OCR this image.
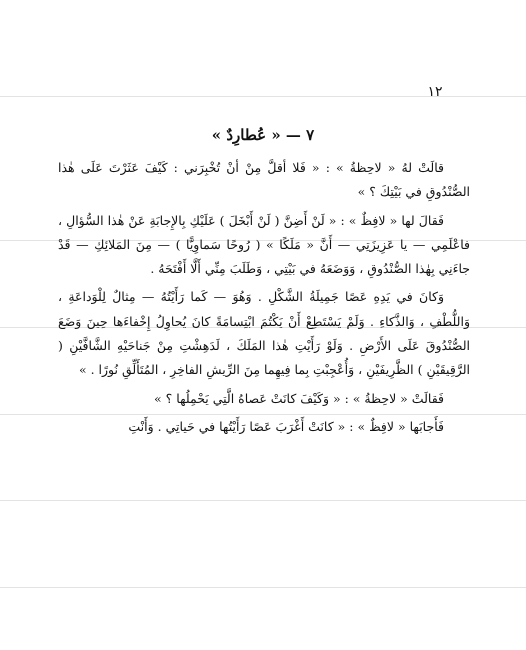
١٢
٧ — « عُطارِدٌ »

قالَتْ لهُ « لاحِظةُ » : « فَلا أقلَّ مِنْ أنْ تُخْبِرَني : كَيْفَ عَثَرْتَ عَلَى هٰذا الصُّنْدُوقِ في بَيْتِكَ ؟ »

فَقالَ لها « لافِظٌ » : « لَنْ أَضِنَّ ( لَنْ أَبْخَلَ ) عَلَيْكِ بِالإِجابَةِ عَنْ هٰذا السُّؤالِ ، فاعْلَمِي — يا عَزِيزَتِي — أَنَّ « مَلَكًا » ( رُوحًا سَماوِيًّا ) — مِنَ المَلائِكِ — قَدْ جاءَنِي بِهٰذا الصُّنْدُوقِ ، وَوَضَعَهُ في بَيْتِي ، وَطَلَبَ مِنِّي أَلَّا أَفْتَحَهُ .

وَكانَ في يَدِهِ عَصًا جَمِيلَةُ الشَّكْلِ . وَهُوَ — كَما رَأَيْتُهُ — مِثالٌ لِلْوَداعَةِ ، وَاللُّطْفِ ، وَالذَّكاءِ . وَلَمْ يَسْتَطِعْ أَنْ يَكْتُمَ ابْتِسامَةً كانَ يُحاوِلُ إِخْفاءَها حِينَ وَضَعَ الصُّنْدُوقَ عَلَى الأَرْضِ . وَلَوْ رَأَيْتِ هٰذا المَلَكَ ، لَدَهِشْتِ مِنْ جَناحَيْهِ الشَّافَّيْنِ ( الرَّقِيقَيْنِ ) الظَّرِيفَيْنِ ، وَأُعْجِبْتِ بِما فِيهِما مِنَ الرِّيشِ الفاخِرِ ، المُتَأَلِّقِ نُورًا . »

فَقالَتْ « لاحِظةُ » : « وَكَيْفَ كانَتْ عَصاهُ الَّتِي يَحْمِلُها ؟ »

فَأَجابَها « لافِظٌ » : « كانَتْ أَغْرَبَ عَصًا رَأَيْتُها في حَياتِي . وَأَنْتِ
